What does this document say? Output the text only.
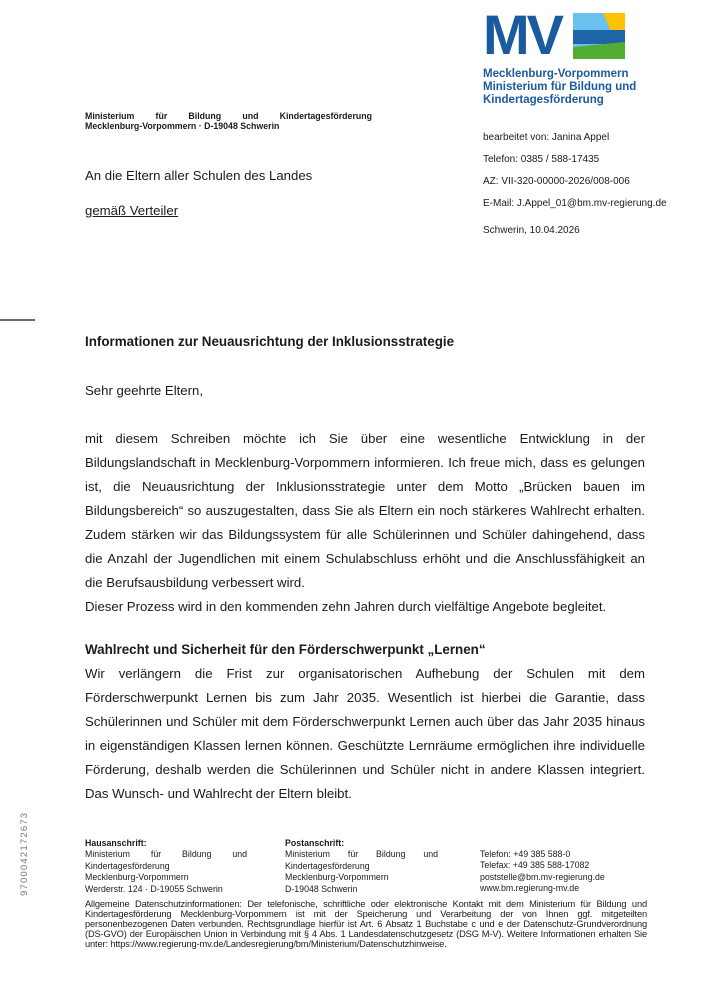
MV
Mecklenburg-Vorpommern
Ministerium für Bildung und
Kindertagesförderung
Ministerium für Bildung und Kindertagesförderung
Mecklenburg-Vorpommern · D-19048 Schwerin
An die Eltern aller Schulen des Landes
gemäß Verteiler
bearbeitet von: Janina Appel
Telefon: 0385 / 588-17435
AZ: VII-320-00000-2026/008-006
E-Mail: J.Appel_01@bm.mv-regierung.de
Schwerin, 10.04.2026
Informationen zur Neuausrichtung der Inklusionsstrategie
Sehr geehrte Eltern,

mit diesem Schreiben möchte ich Sie über eine wesentliche Entwicklung in der Bildungslandschaft in Mecklenburg-Vorpommern informieren. Ich freue mich, dass es gelungen ist, die Neuausrichtung der Inklusionsstrategie unter dem Motto „Brücken bauen im Bildungsbereich“ so auszugestalten, dass Sie als Eltern ein noch stärkeres Wahlrecht erhalten. Zudem stärken wir das Bildungssystem für alle Schülerinnen und Schüler dahingehend, dass die Anzahl der Jugendlichen mit einem Schulabschluss erhöht und die Anschlussfähigkeit an die Berufsausbildung verbessert wird.

Dieser Prozess wird in den kommenden zehn Jahren durch vielfältige Angebote begleitet.

Wahlrecht und Sicherheit für den Förderschwerpunkt „Lernen“

Wir verlängern die Frist zur organisatorischen Aufhebung der Schulen mit dem Förderschwerpunkt Lernen bis zum Jahr 2035. Wesentlich ist hierbei die Garantie, dass Schülerinnen und Schüler mit dem Förderschwerpunkt Lernen auch über das Jahr 2035 hinaus in eigenständigen Klassen lernen können. Geschützte Lernräume ermöglichen ihre individuelle Förderung, deshalb werden die Schülerinnen und Schüler nicht in andere Klassen integriert. Das Wunsch- und Wahlrecht der Eltern bleibt.

9700042172673	Hausanschrift:
Ministerium für Bildung und
Kindertagesförderung
Mecklenburg-Vorpommern
Werderstr. 124 · D-19055 Schwerin
Postanschrift:
Ministerium für Bildung und
Kindertagesförderung
Mecklenburg-Vorpommern
D-19048 Schwerin
Telefon: +49 385 588-0
Telefax: +49 385 588-17082
poststelle@bm.mv-regierung.de
www.bm.regierung-mv.de
Allgemeine Datenschutzinformationen: Der telefonische, schriftliche oder elektronische Kontakt mit dem Ministerium für Bildung und Kindertagesförderung Mecklenburg-Vorpommern ist mit der Speicherung und Verarbeitung der von Ihnen ggf. mitgeteilten personenbezogenen Daten verbunden. Rechtsgrundlage hierfür ist Art. 6 Absatz 1 Buchstabe c und e der Datenschutz-Grundverordnung (DS-GVO) der Europäischen Union in Verbindung mit § 4 Abs. 1 Landesdatenschutzgesetz (DSG M-V). Weitere Informationen erhalten Sie unter: https://www.regierung-mv.de/Landesregierung/bm/Ministerium/Datenschutzhinweise.
